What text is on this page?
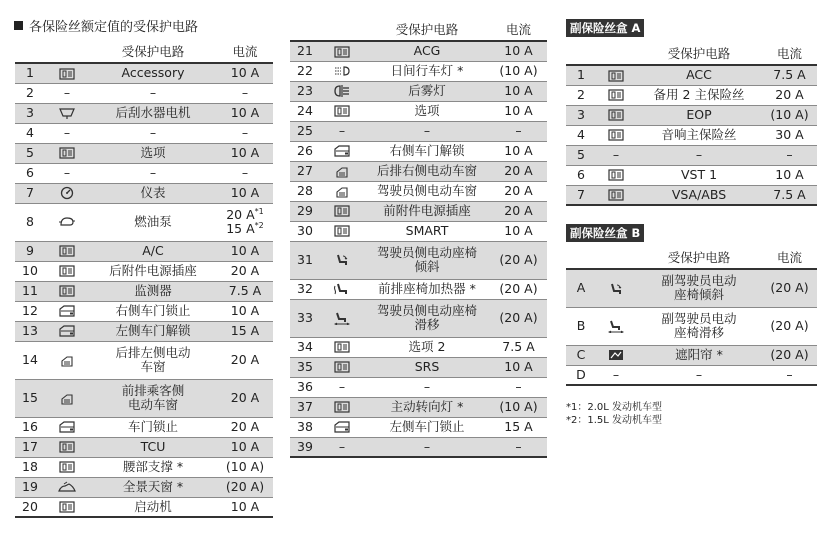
各保险丝额定值的受保护电路
		受保护电路	电流
1		Accessory	10 A

2	–	–	–

3		后刮水器电机	10 A

4	–	–	–

5		选项	10 A

6	–	–	–

7		仪表	10 A

8		燃油泵	20 $A^{*1}$
15 $A^{*2}$

9		A/C	10 A

10		后附件电源插座	20 A

11		监测器	7.5 A

12		右侧车门锁止	10 A

13		左侧车门解锁	15 A

14		后排左侧电动
车窗	20 A

15		前排乘客侧
电动车窗	20 A

16		车门锁止	20 A

17		TCU	10 A

18		腰部支撑 *	(10 A)

19		全景天窗 *	(20 A)

20		启动机	10 A
		受保护电路	电流
21		ACG	10 A

22		日间行车灯 *	(10 A)

23		后雾灯	10 A

24		选项	10 A

25	–	–	–

26		右侧车门解锁	10 A

27		后排右侧电动车窗	20 A

28		驾驶员侧电动车窗	20 A

29		前附件电源插座	20 A

30		SMART	10 A

31		驾驶员侧电动座椅
倾斜	(20 A)

32		前排座椅加热器 *	(20 A)

33		驾驶员侧电动座椅
滑移	(20 A)

34		选项 2	7.5 A

35		SRS	10 A

36	–	–	–

37		主动转向灯 *	(10 A)

38		左侧车门锁止	15 A

39	–	–	–
副保险丝盒 A
		受保护电路	电流
1		ACC	7.5 A

2		备用 2 主保险丝	20 A

3		EOP	(10 A)

4		音响主保险丝	30 A

5	–	–	–

6		VST 1	10 A

7		VSA/ABS	7.5 A
副保险丝盒 B
		受保护电路	电流
A		副驾驶员电动
座椅倾斜	(20 A)

B		副驾驶员电动
座椅滑移	(20 A)

C		遮阳帘 *	(20 A)

D	–	–	–
*1：2.0L 发动机车型
*2：1.5L 发动机车型
